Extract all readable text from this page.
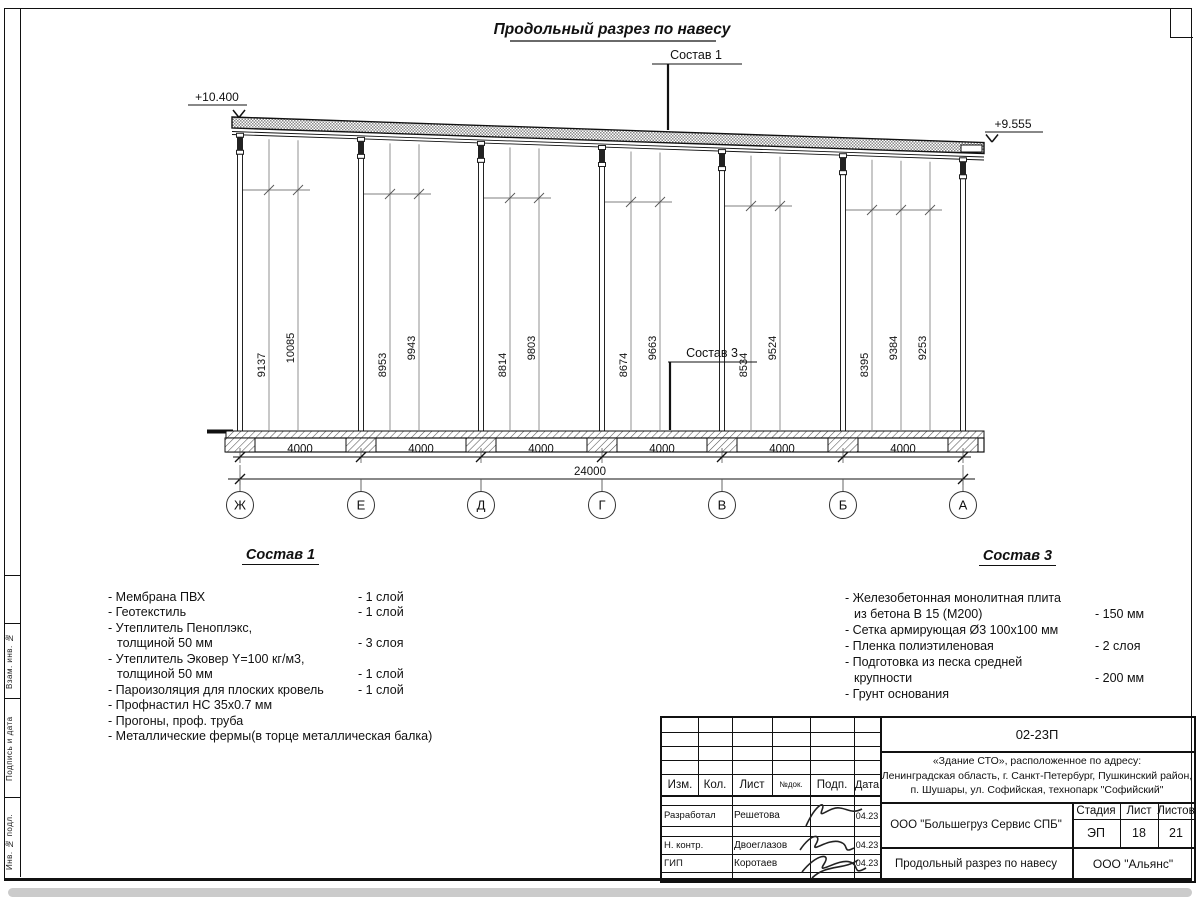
Взам. инв. №
Подпись и дата
Инв. № подл.
Продольный разрез по навесу
Состав 1
+10.400
+9.555
9137
10085
8953
9943
8814
9803
8674
9663
8534
9524
8395
9384 9253
Состав 3
4000	4000	4000	4000	4000	4000
24000
Ж	Е	Д	Г	В	Б	А
Состав 1
- Мембрана ПВХ	- 1 слой
- Геотекстиль	- 1 слой
- Утеплитель Пеноплэкс,
толщиной 50 мм	- 3 слоя
- Утеплитель Эковер Y=100 кг/м3,
толщиной 50 мм	- 1 слой
- Пароизоляция для плоских кровель	- 1 слой
- Профнастил НС 35x0.7 мм
- Прогоны, проф. труба
- Металлические фермы(в торце металлическая балка)
Состав 3
- Железобетонная монолитная плита
из бетона В 15 (М200)	- 150 мм
- Сетка армирующая Ø3 100х100 мм
- Пленка полиэтиленовая	- 2 слоя
- Подготовка из песка средней
крупности	- 200 мм
- Грунт основания
Изм. Кол.	Лист	№док.	Подп. Дата
Разработал	Решетова	04.23
Н. контр.	Двоеглазов	04.23
ГИП	Коротаев	04.23
02-23П
«Здание СТО», расположенное по адресу:
Ленинградская область, г. Санкт-Петербург, Пушкинский район,
п. Шушары, ул. Софийская, технопарк "Софийский"
ООО "Большегруз Сервис СПБ"
Стадия Лист Листов
ЭП	18	21
Продольный разрез по навесу	ООО "Альянс"
